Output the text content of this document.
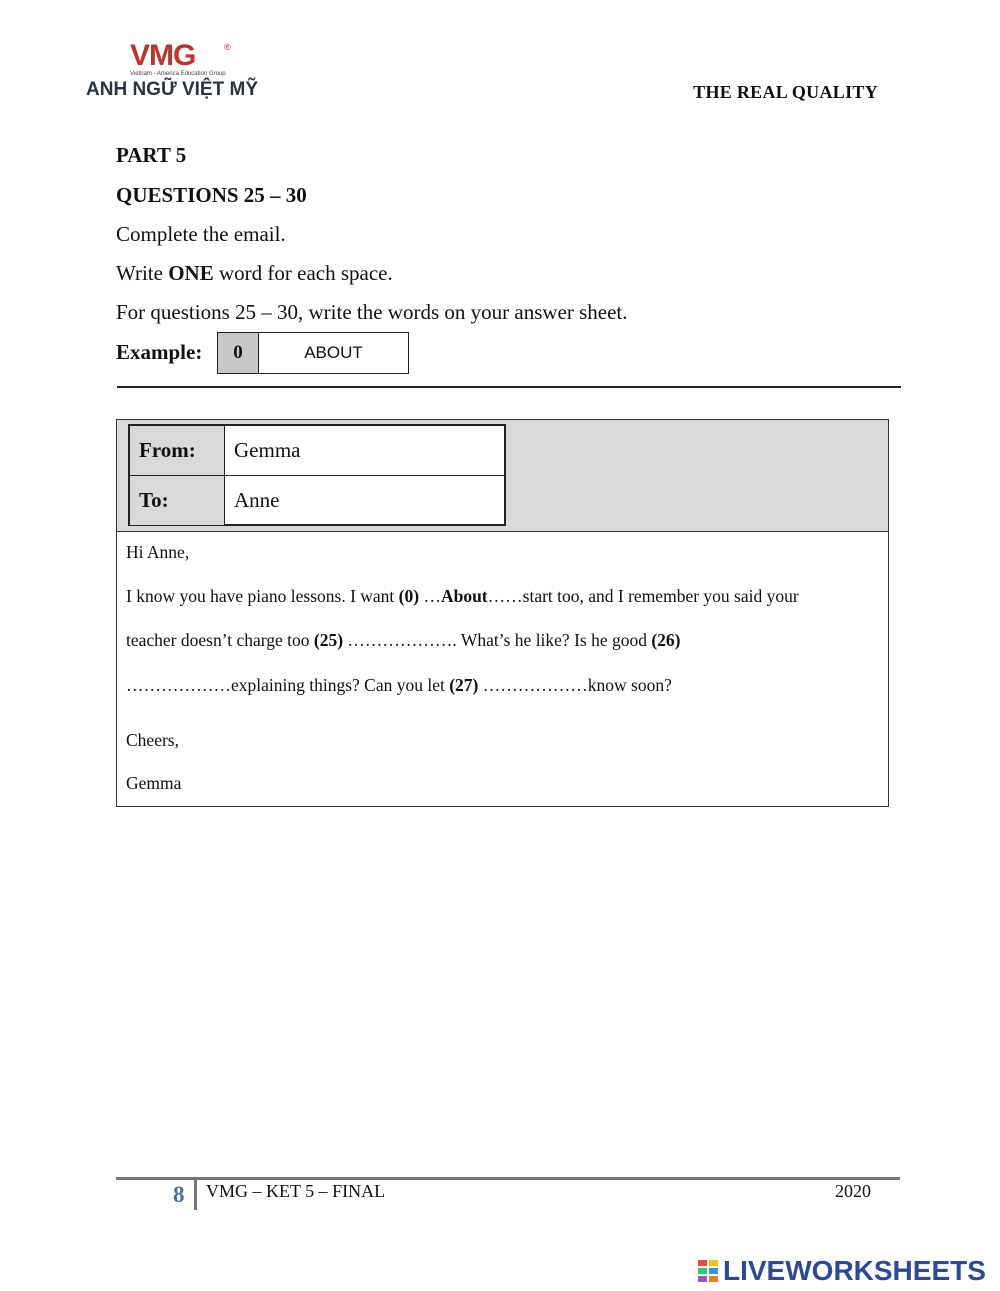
VMG	®
Vietnam - America Education Group
ANH NGỮ VIỆT MỸ	THE REAL QUALITY
PART 5
QUESTIONS 25 – 30
Complete the email.
Write ONE word for each space.
For questions 25 – 30, write the words on your answer sheet.
Example:	0	ABOUT
From:	Gemma
To:	Anne
Hi Anne,
I know you have piano lessons. I want (0) …About……start too, and I remember you said your
teacher doesn’t charge too (25) ………………. What’s he like? Is he good (26)
………………explaining things? Can you let (27) ………………know soon?
Cheers,
Gemma
8 VMG – KET 5 – FINAL	2020
LIVEWORKSHEETS
